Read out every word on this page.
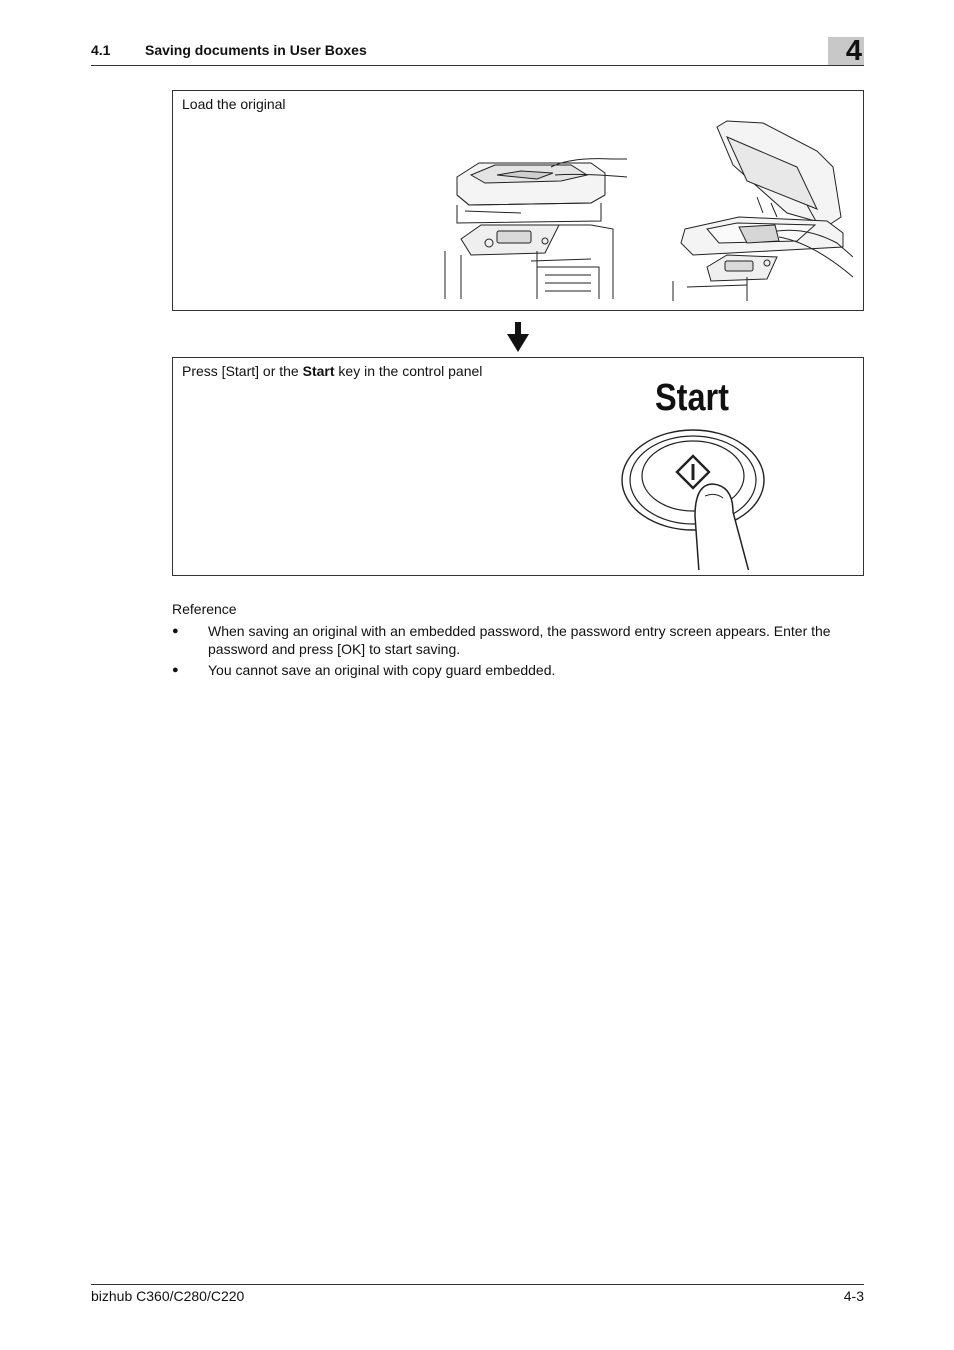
4.1 Saving documents in User Boxes	4
Load the original
Press [Start] or the Start key in the control panel
Start
Reference
● When saving an original with an embedded password, the password entry screen appears. Enter the password and press [OK] to start saving.
● You cannot save an original with copy guard embedded.
bizhub C360/C280/C220	4-3
